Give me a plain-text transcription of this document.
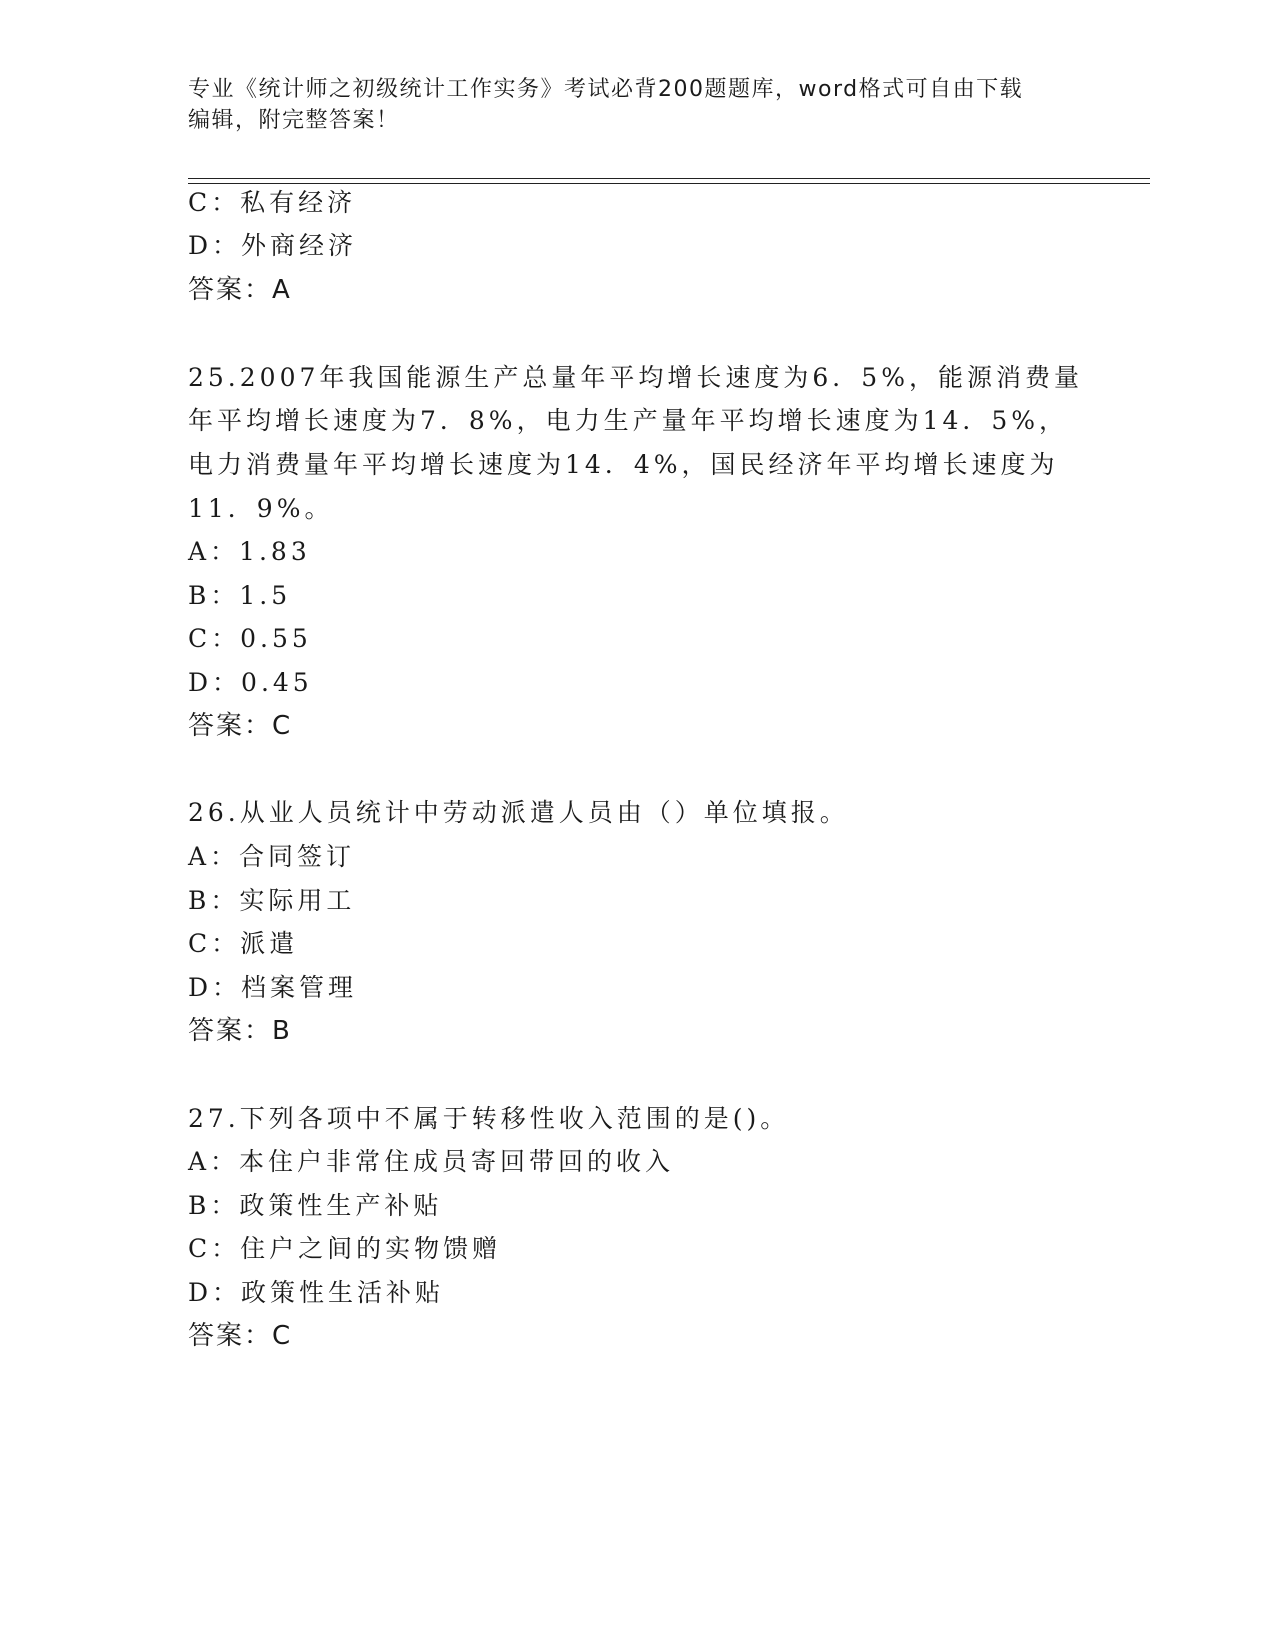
专业《统计师之初级统计工作实务》考试必背200题题库，word格式可自由下载
编辑，附完整答案！
C：私有经济
D：外商经济
答案：A
25.2007年我国能源生产总量年平均增长速度为6．5%，能源消费量
年平均增长速度为7．8%，电力生产量年平均增长速度为14．5%，
电力消费量年平均增长速度为14．4%，国民经济年平均增长速度为
11．9%。
A：1.83
B：1.5
C：0.55
D：0.45
答案：C
26.从业人员统计中劳动派遣人员由（）单位填报。
A：合同签订
B：实际用工
C：派遣
D：档案管理
答案：B
27.下列各项中不属于转移性收入范围的是()。
A：本住户非常住成员寄回带回的收入
B：政策性生产补贴
C：住户之间的实物馈赠
D：政策性生活补贴
答案：C
